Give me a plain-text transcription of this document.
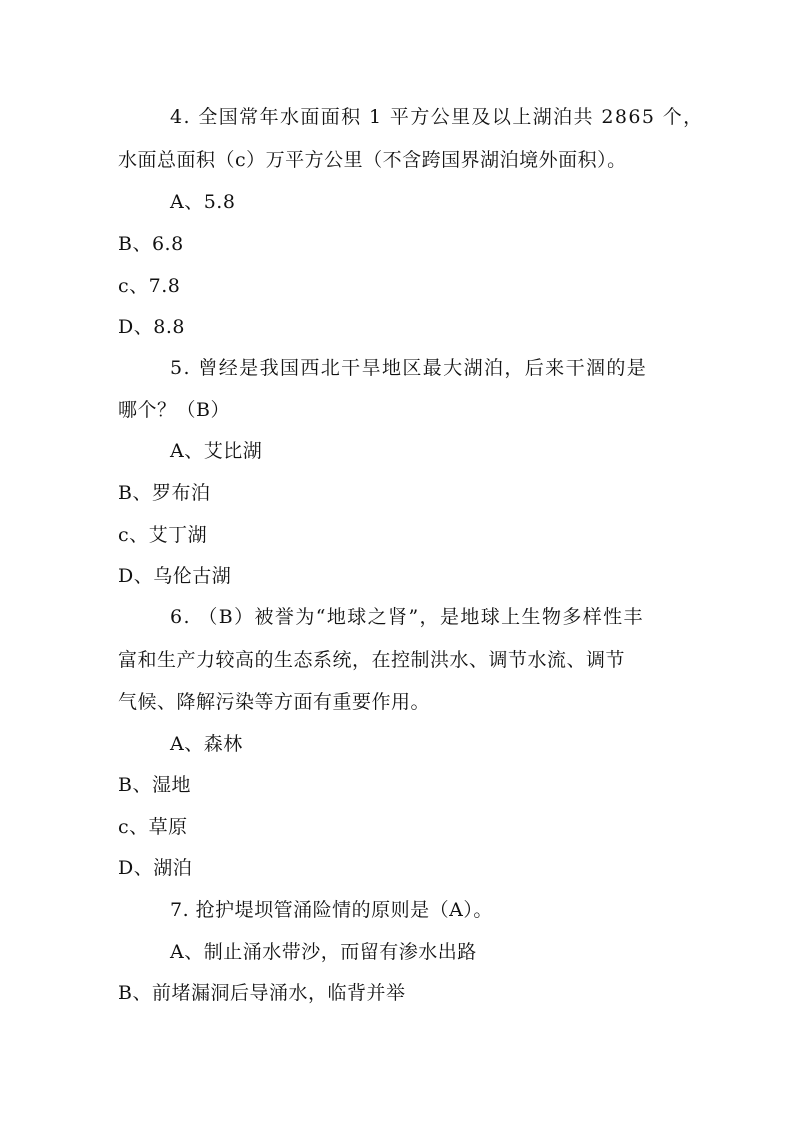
4. 全国常年水面面积 1 平方公里及以上湖泊共 2865 个，
水面总面积（c）万平方公里（不含跨国界湖泊境外面积）。
A、5.8
B、6.8
c、7.8
D、8.8
5. 曾经是我国西北干旱地区最大湖泊，后来干涸的是
哪个？（B）
A、艾比湖
B、罗布泊
c、艾丁湖
D、乌伦古湖
6. （B）被誉为“地球之肾”，是地球上生物多样性丰
富和生产力较高的生态系统，在控制洪水、调节水流、调节
气候、降解污染等方面有重要作用。
A、森林
B、湿地
c、草原
D、湖泊
7. 抢护堤坝管涌险情的原则是（A）。
A、制止涌水带沙，而留有渗水出路
B、前堵漏洞后导涌水，临背并举
